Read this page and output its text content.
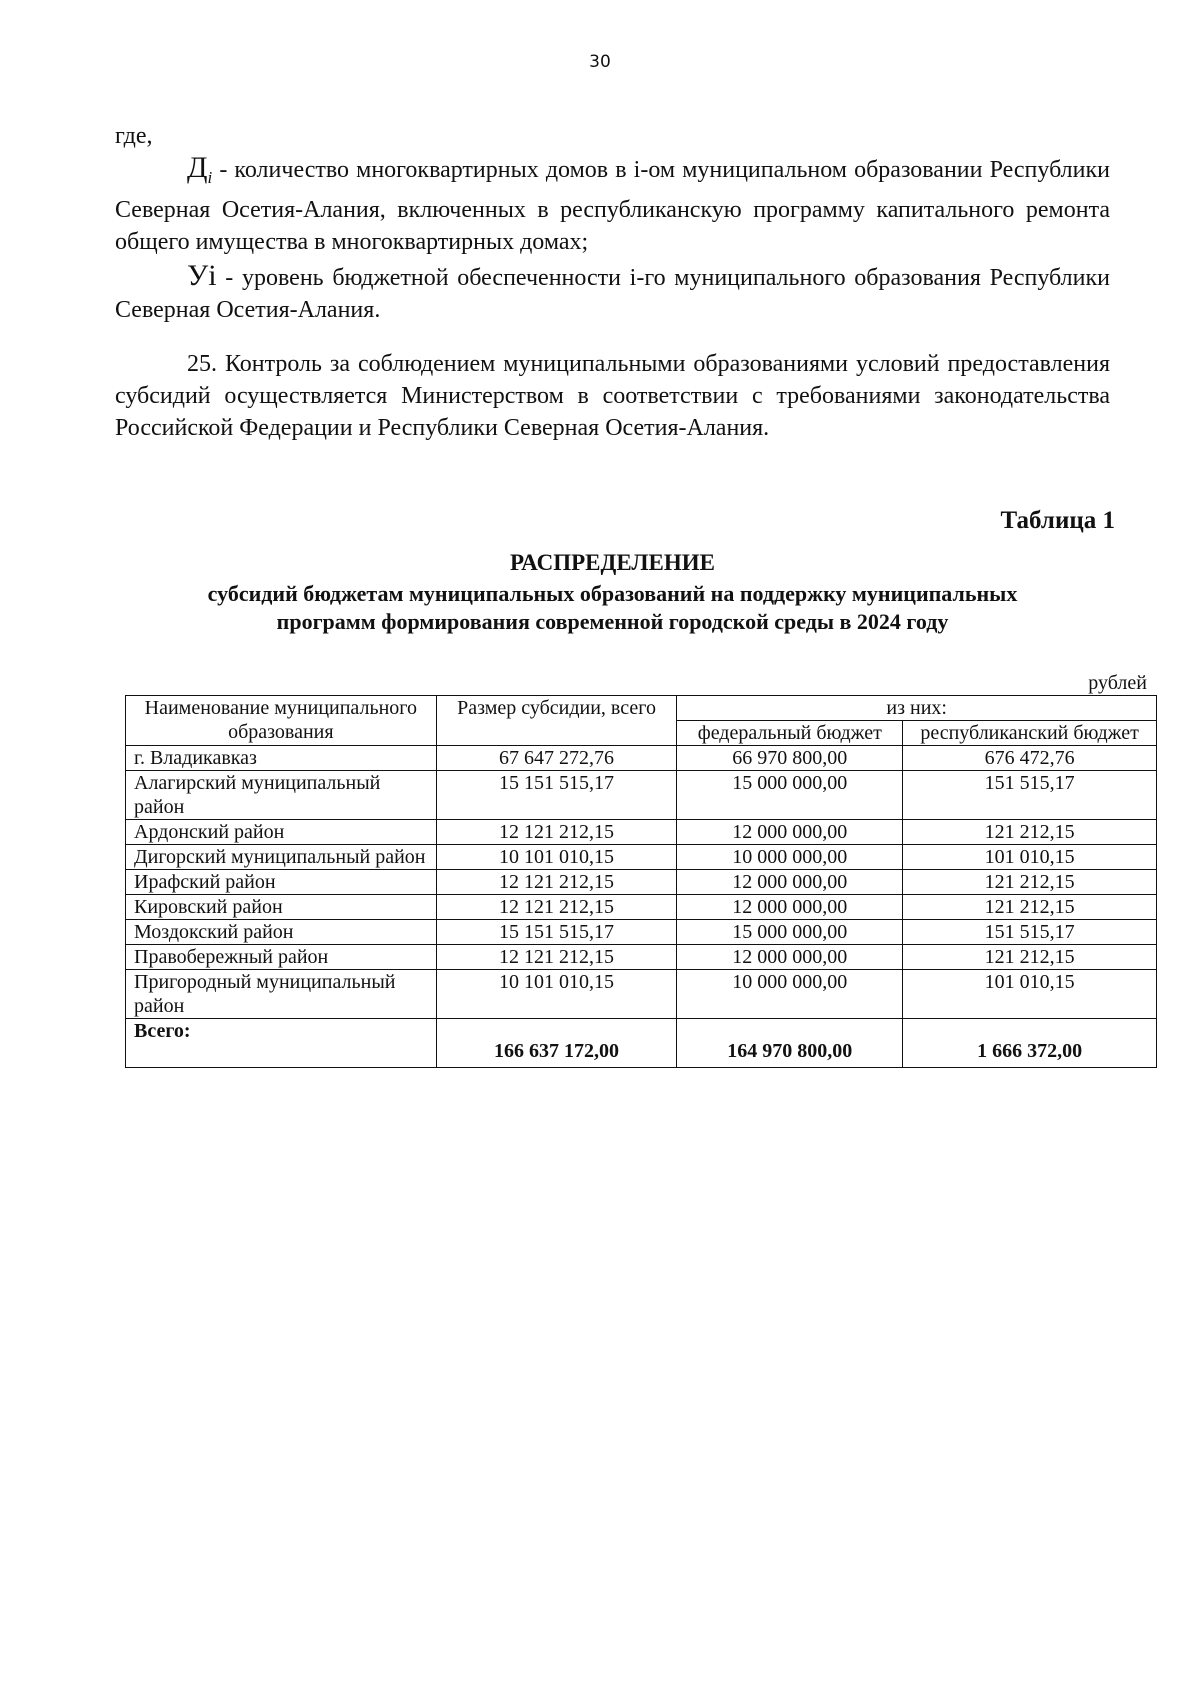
30
где,
$Д_i$ - количество многоквартирных домов в i-ом муниципальном образовании Республики Северная Осетия-Алания, включенных в республиканскую программу капитального ремонта общего имущества в многоквартирных домах;
Уi - уровень бюджетной обеспеченности i-го муниципального образования Республики Северная Осетия-Алания.
25. Контроль за соблюдением муниципальными образованиями условий предоставления субсидий осуществляется Министерством в соответствии с требованиями законодательства Российской Федерации и Республики Северная Осетия-Алания.
Таблица 1
РАСПРЕДЕЛЕНИЕ
субсидий бюджетам муниципальных образований на поддержку муниципальных
программ формирования современной городской среды в 2024 году
рублей
Наименование муниципального образования	Размер субсидии, всего	из них:	
		федеральный бюджет	республиканский бюджет
г. Владикавказ	67 647 272,76	66 970 800,00	676 472,76
Алагирский муниципальный район	15 151 515,17	15 000 000,00	151 515,17
Ардонский район	12 121 212,15	12 000 000,00	121 212,15
Дигорский муниципальный район	10 101 010,15	10 000 000,00	101 010,15
Ирафский район	12 121 212,15	12 000 000,00	121 212,15
Кировский район	12 121 212,15	12 000 000,00	121 212,15
Моздокский район	15 151 515,17	15 000 000,00	151 515,17
Правобережный район	12 121 212,15	12 000 000,00	121 212,15
Пригородный муниципальный район	10 101 010,15	10 000 000,00	101 010,15
Всего:	166 637 172,00	164 970 800,00	1 666 372,00
